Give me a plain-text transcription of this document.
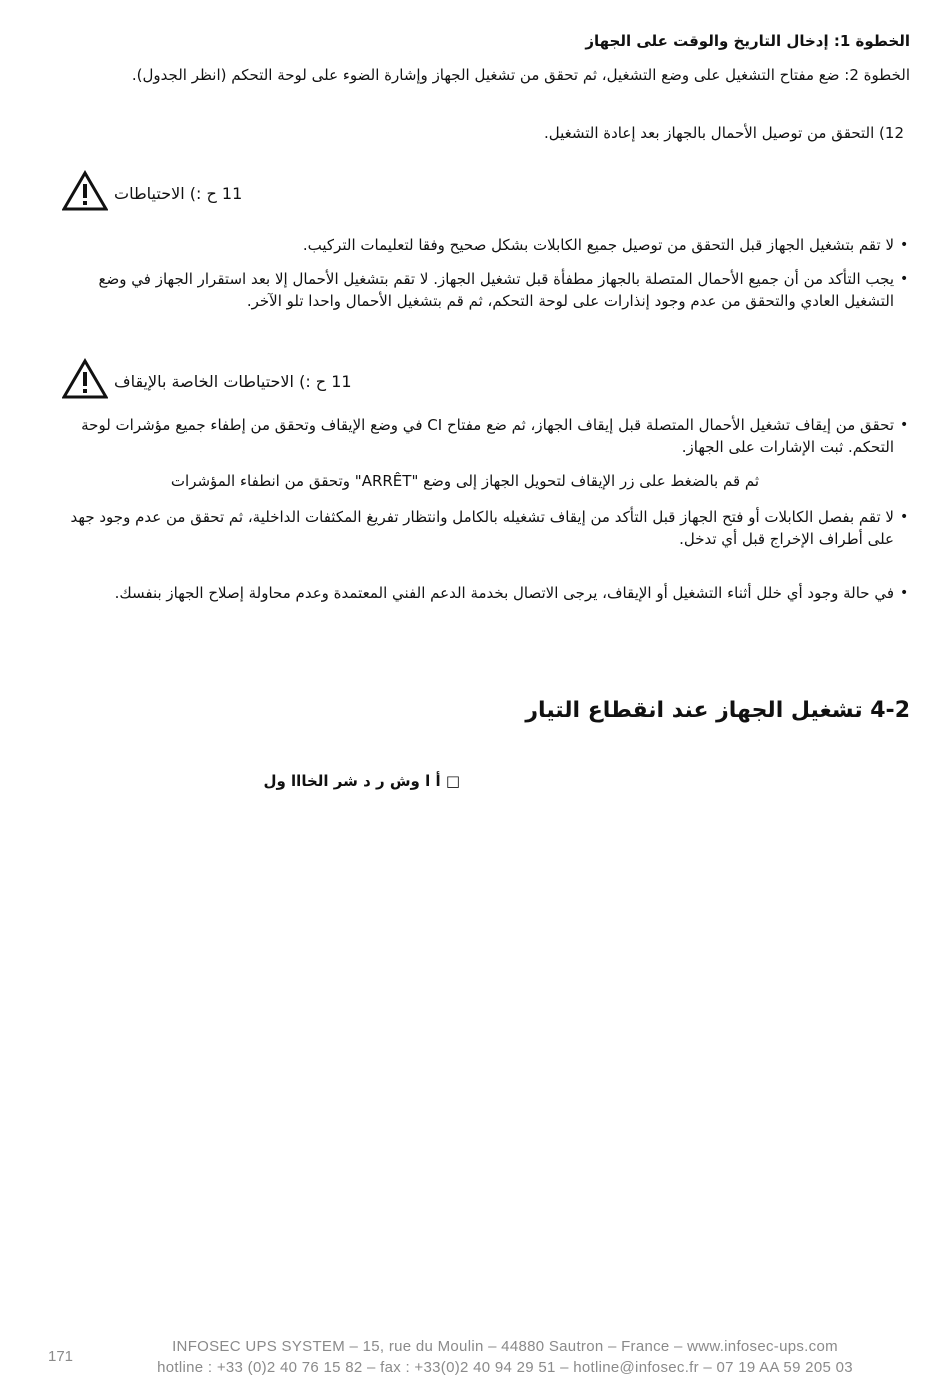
الخطوة 1: إدخال التاريخ والوقت على الجهاز
الخطوة 2: ضع مفتاح التشغيل على وضع التشغيل، ثم تحقق من تشغيل الجهاز وإشارة الضوء على لوحة التحكم (انظر الجدول).
12) التحقق من توصيل الأحمال بالجهاز بعد إعادة التشغيل.
11 ح :) الاحتياطات
لا تقم بتشغيل الجهاز قبل التحقق من توصيل جميع الكابلات بشكل صحيح وفقا لتعليمات التركيب. •
يجب التأكد من أن جميع الأحمال المتصلة بالجهاز مطفأة قبل تشغيل الجهاز. لا تقم بتشغيل الأحمال إلا بعد استقرار الجهاز في وضع التشغيل العادي والتحقق من عدم وجود إنذارات على لوحة التحكم، ثم قم بتشغيل الأحمال واحدا تلو الآخر.
•
11 ح :) الاحتياطات الخاصة بالإيقاف
تحقق من إيقاف تشغيل الأحمال المتصلة قبل إيقاف الجهاز، ثم ضع مفتاح CI في وضع الإيقاف وتحقق من إطفاء جميع مؤشرات لوحة التحكم. ثبت الإشارات على الجهاز.
•
ثم قم بالضغط على زر الإيقاف لتحويل الجهاز إلى وضع "ARRÊT" وتحقق من انطفاء المؤشرات
لا تقم بفصل الكابلات أو فتح الجهاز قبل التأكد من إيقاف تشغيله بالكامل وانتظار تفريغ المكثفات الداخلية، ثم تحقق من عدم وجود جهد على أطراف الإخراج قبل أي تدخل.
•
في حالة وجود أي خلل أثناء التشغيل أو الإيقاف، يرجى الاتصال بخدمة الدعم الفني المعتمدة وعدم محاولة إصلاح الجهاز بنفسك. •
4-2 تشغيل الجهاز عند انقطاع التيار
□ أ ا وش ر د شر الخااا ول
171
INFOSEC UPS SYSTEM – 15, rue du Moulin – 44880 Sautron – France – www.infosec-ups.com
hotline : +33 (0)2 40 76 15 82 – fax : +33(0)2 40 94 29 51 – hotline@infosec.fr – 07 19 AA 59 205 03
